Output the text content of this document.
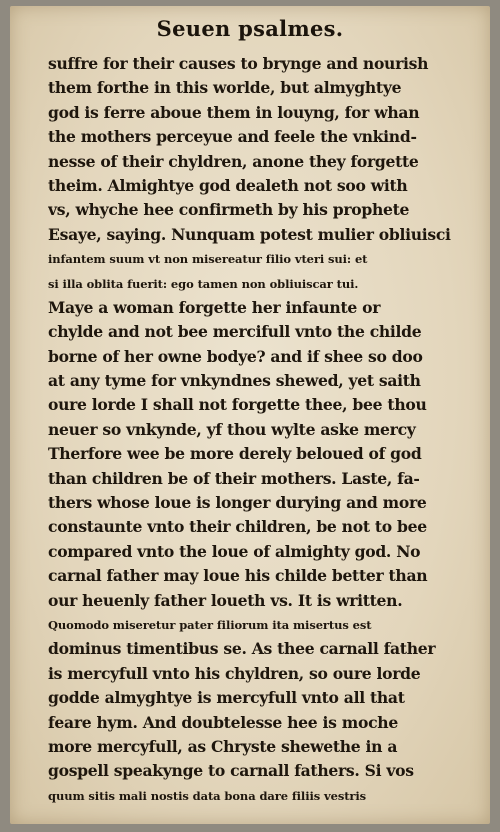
Seuen psalmes.
suffre for their causes to brynge and nourish
them forthe in this worlde, but almyghtye
god is ferre aboue them in louyng, for whan
the mothers perceyue and feele the vnkind-
nesse of their chyldren, anone they forgette
theim. Almightye god dealeth not soo with
vs, whyche hee confirmeth by his prophete
Esaye, saying. Nunquam potest mulier obliuisci
infantem suum vt non misereatur filio vteri sui: et
si illa oblita fuerit: ego tamen non obliuiscar tui.
Maye a woman forgette her infaunte or
chylde and not bee mercifull vnto the childe
borne of her owne bodye? and if shee so doo
at any tyme for vnkyndnes shewed, yet saith
oure lorde I shall not forgette thee, bee thou
neuer so vnkynde, yf thou wylte aske mercy
Therfore wee be more derely beloued of god
than children be of their mothers. Laste, fa-
thers whose loue is longer durying and more
constaunte vnto their children, be not to bee
compared vnto the loue of almighty god. No
carnal father may loue his childe better than
our heuenly father loueth vs. It is written.
Quomodo miseretur pater filiorum ita misertus est
dominus timentibus se. As thee carnall father
is mercyfull vnto his chyldren, so oure lorde
godde almyghtye is mercyfull vnto all that
feare hym. And doubtelesse hee is moche
more mercyfull, as Chryste shewethe in a
gospell speakynge to carnall fathers. Si vos
quum sitis mali nostis data bona dare filiis vestris
